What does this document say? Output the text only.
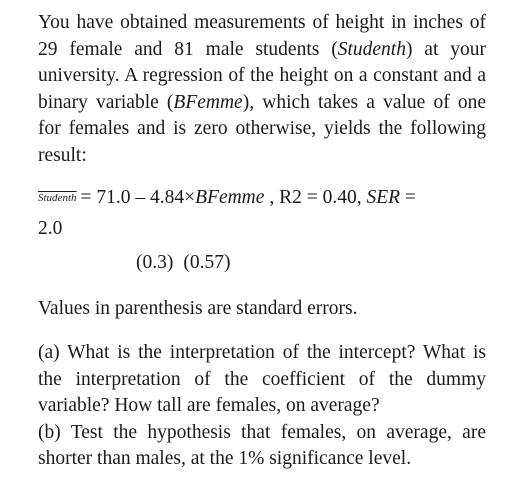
You have obtained measurements of height in inches of 29 female and 81 male students (Studenth) at your university. A regression of the height on a constant and a binary variable (BFemme), which takes a value of one for females and is zero otherwise, yields the following result:

Studenth = 71.0 – 4.84×BFemme , R2 = 0.40, SER =
2.0
(0.3) (0.57)
Values in parenthesis are standard errors.

(a) What is the interpretation of the intercept? What is the interpretation of the coefficient of the dummy variable? How tall are females, on average?

(b) Test the hypothesis that females, on average, are shorter than males, at the 1% significance level.
